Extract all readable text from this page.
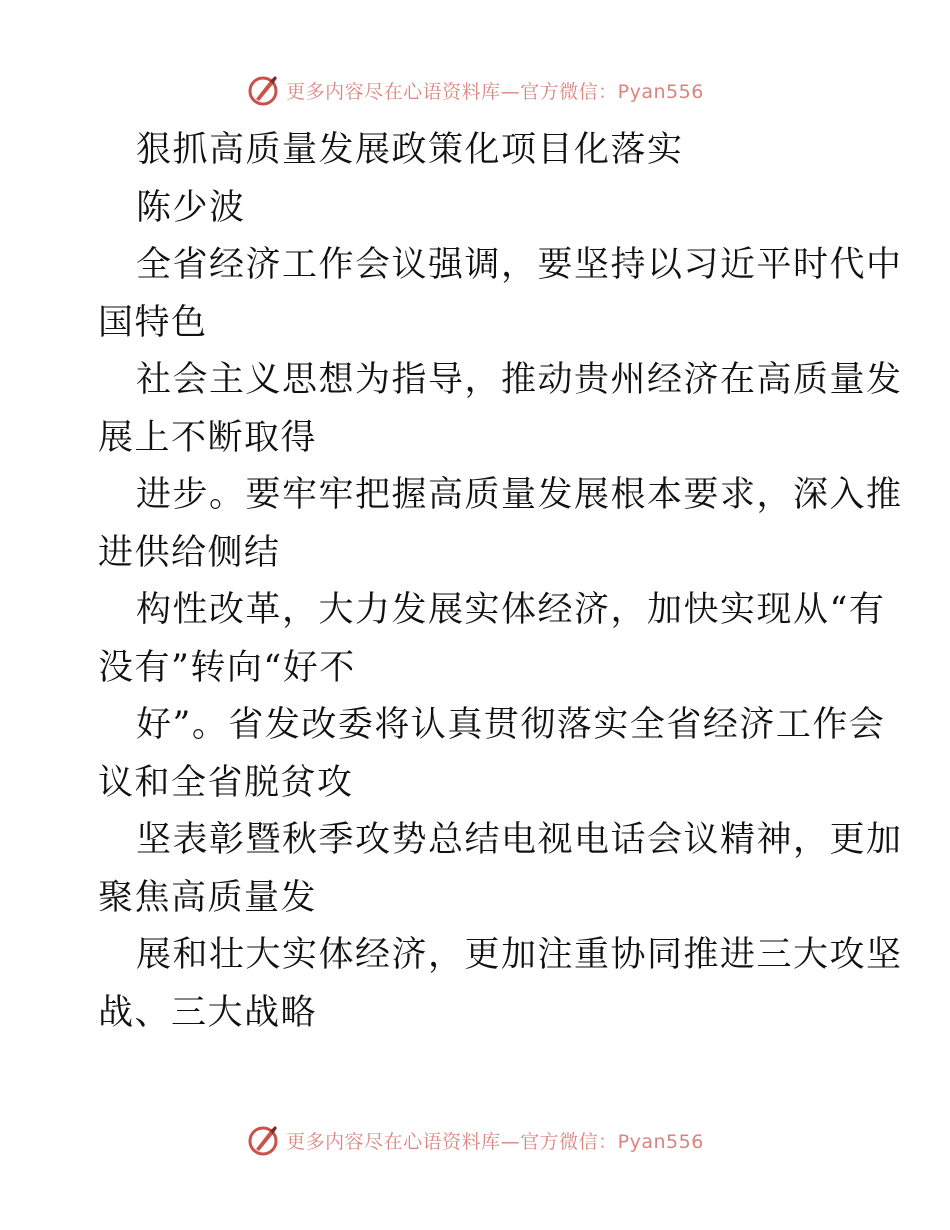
更多内容尽在心语资料库—官方微信：Pyan556
狠抓高质量发展政策化项目化落实
陈少波
全省经济工作会议强调，要坚持以习近平时代中
国特色
社会主义思想为指导，推动贵州经济在高质量发
展上不断取得
进步。要牢牢把握高质量发展根本要求，深入推
进供给侧结
构性改革，大力发展实体经济，加快实现从“有
没有”转向“好不
好”。省发改委将认真贯彻落实全省经济工作会
议和全省脱贫攻
坚表彰暨秋季攻势总结电视电话会议精神，更加
聚焦高质量发
展和壮大实体经济，更加注重协同推进三大攻坚
战、三大战略
更多内容尽在心语资料库—官方微信：Pyan556
